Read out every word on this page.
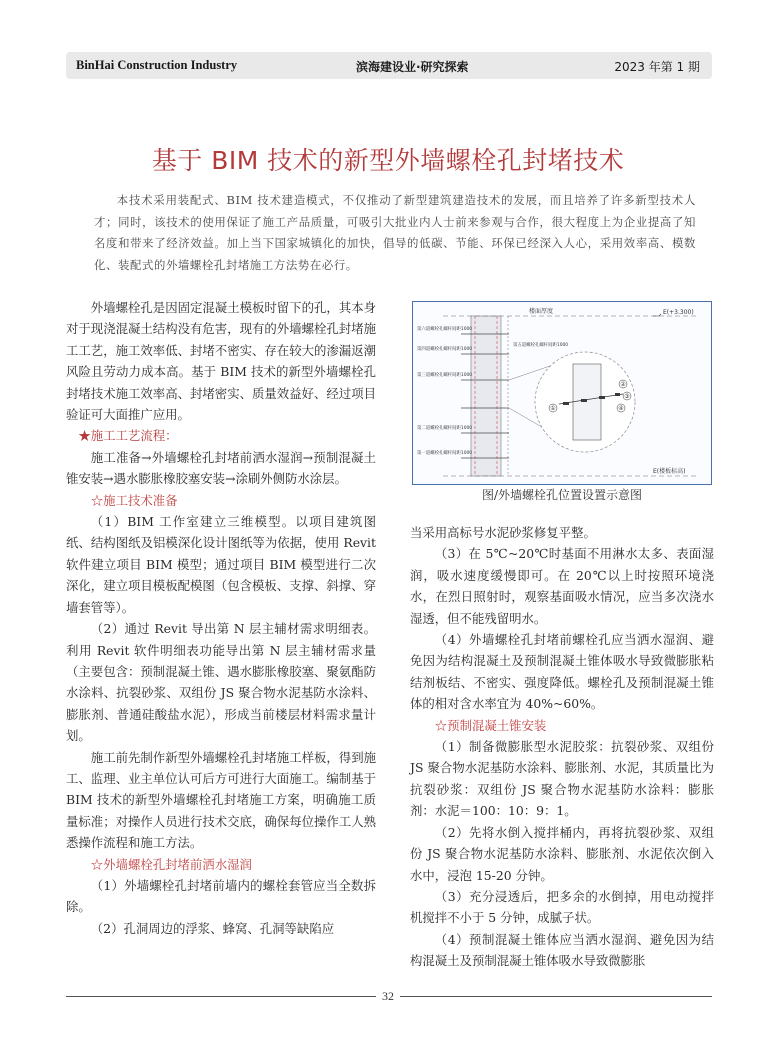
BinHai Construction Industry	滨海建设业·研究探索	2023 年第 1 期
基于 BIM 技术的新型外墙螺栓孔封堵技术
本技术采用装配式、BIM 技术建造模式，不仅推动了新型建筑建造技术的发展，而且培养了许多新型技术人才；同时，该技术的使用保证了施工产品质量，可吸引大批业内人士前来参观与合作，很大程度上为企业提高了知名度和带来了经济效益。加上当下国家城镇化的加快，倡导的低碳、节能、环保已经深入人心，采用效率高、模数化、装配式的外墙螺栓孔封堵施工方法势在必行。

外墙螺栓孔是因固定混凝土模板时留下的孔，其本身对于现浇混凝土结构没有危害，现有的外墙螺栓孔封堵施工工艺，施工效率低、封堵不密实、存在较大的渗漏返潮风险且劳动力成本高。基于 BIM 技术的新型外墙螺栓孔封堵技术施工效率高、封堵密实、质量效益好、经过项目验证可大面推广应用。

★施工工艺流程：

施工准备→外墙螺栓孔封堵前洒水湿润→预制混凝土锥安装→遇水膨胀橡胶塞安装→涂刷外侧防水涂层。

☆施工技术准备

（1）BIM 工作室建立三维模型。以项目建筑图纸、结构图纸及铝模深化设计图纸等为依据，使用 Revit 软件建立项目 BIM 模型；通过项目 BIM 模型进行二次深化，建立项目模板配模图（包含模板、支撑、斜撑、穿墙套管等）。

（2）通过 Revit 导出第 N 层主辅材需求明细表。利用 Revit 软件明细表功能导出第 N 层主辅材需求量（主要包含：预制混凝土锥、遇水膨胀橡胶塞、聚氨酯防水涂料、抗裂砂浆、双组份 JS 聚合物水泥基防水涂料、膨胀剂、普通硅酸盐水泥），形成当前楼层材料需求量计划。

施工前先制作新型外墙螺栓孔封堵施工样板，得到施工、监理、业主单位认可后方可进行大面施工。编制基于 BIM 技术的新型外墙螺栓孔封堵施工方案，明确施工质量标准；对操作人员进行技术交底，确保每位操作工人熟悉操作流程和施工方法。

☆外墙螺栓孔封堵前洒水湿润

（1）外墙螺栓孔封堵前墙内的螺栓套管应当全数拆除。

（2）孔洞周边的浮浆、蜂窝、孔洞等缺陷应

楼面厚度	E(+3.300)
E(楼板标高)
第六道螺栓孔螺杆间距1000
第四道螺栓孔螺杆间距1000
第五道螺栓孔螺杆间距1000
第三道螺栓孔螺杆间距1000
第二道螺栓孔螺杆间距1000
第一道螺栓孔螺杆间距1000
①
②
③
④
图/外墙螺栓孔位置设置示意图

当采用高标号水泥砂浆修复平整。

（3）在 5℃~20℃时基面不用淋水太多、表面湿润，吸水速度缓慢即可。在 20℃以上时按照环境浇水，在烈日照射时，观察基面吸水情况，应当多次浇水湿透，但不能残留明水。

（4）外墙螺栓孔封堵前螺栓孔应当洒水湿润、避免因为结构混凝土及预制混凝土锥体吸水导致微膨胀粘结剂板结、不密实、强度降低。螺栓孔及预制混凝土锥体的相对含水率宜为 40%~60%。

☆预制混凝土锥安装

（1）制备微膨胀型水泥胶浆：抗裂砂浆、双组份 JS 聚合物水泥基防水涂料、膨胀剂、水泥，其质量比为抗裂砂浆：双组份 JS 聚合物水泥基防水涂料：膨胀剂：水泥＝100：10：9：1。

（2）先将水倒入搅拌桶内，再将抗裂砂浆、双组份 JS 聚合物水泥基防水涂料、膨胀剂、水泥依次倒入水中，浸泡 15-20 分钟。

（3）充分浸透后，把多余的水倒掉，用电动搅拌机搅拌不小于 5 分钟，成腻子状。

（4）预制混凝土锥体应当洒水湿润、避免因为结构混凝土及预制混凝土锥体吸水导致微膨胀

32
